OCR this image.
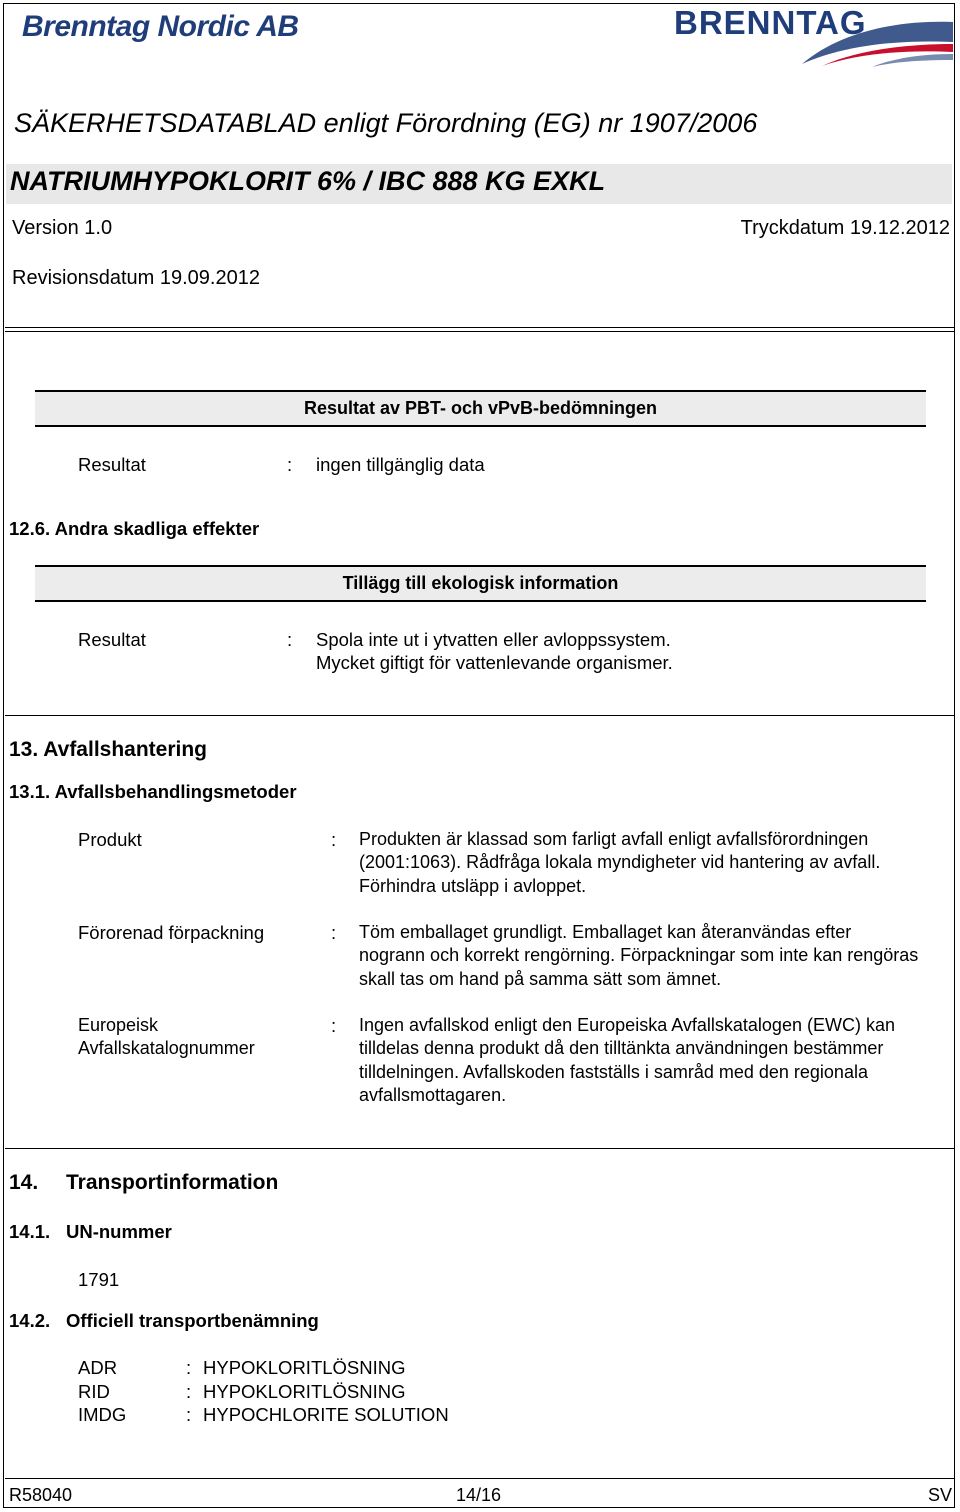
Brenntag Nordic AB	BRENNTAG
SÄKERHETSDATABLAD enligt Förordning (EG) nr 1907/2006
NATRIUMHYPOKLORIT 6% / IBC 888 KG EXKL
Version 1.0	Tryckdatum 19.12.2012
Revisionsdatum 19.09.2012
Resultat av PBT- och vPvB-bedömningen
Resultat	: ingen tillgänglig data
12.6. Andra skadliga effekter
Tillägg till ekologisk information
Resultat	: Spola inte ut i ytvatten eller avloppssystem.
Mycket giftigt för vattenlevande organismer.
13. Avfallshantering
13.1. Avfallsbehandlingsmetoder
Produkt	: Produkten är klassad som farligt avfall enligt avfallsförordningen (2001:1063). Rådfråga lokala myndigheter vid hantering av avfall. Förhindra utsläpp i avloppet.
Förorenad förpackning	: Töm emballaget grundligt. Emballaget kan återanvändas efter nogrann och korrekt rengörning. Förpackningar som inte kan rengöras skall tas om hand på samma sätt som ämnet.
Europeisk Avfallskatalognummer
: Ingen avfallskod enligt den Europeiska Avfallskatalogen (EWC) kan tilldelas denna produkt då den tilltänkta användningen bestämmer tilldelningen. Avfallskoden fastställs i samråd med den regionala avfallsmottagaren.
14. Transportinformation
14.1. UN-nummer
1791
14.2. Officiell transportbenämning
ADR	: HYPOKLORITLÖSNING
RID	: HYPOKLORITLÖSNING
IMDG	: HYPOCHLORITE SOLUTION
R58040	14/16	SV
